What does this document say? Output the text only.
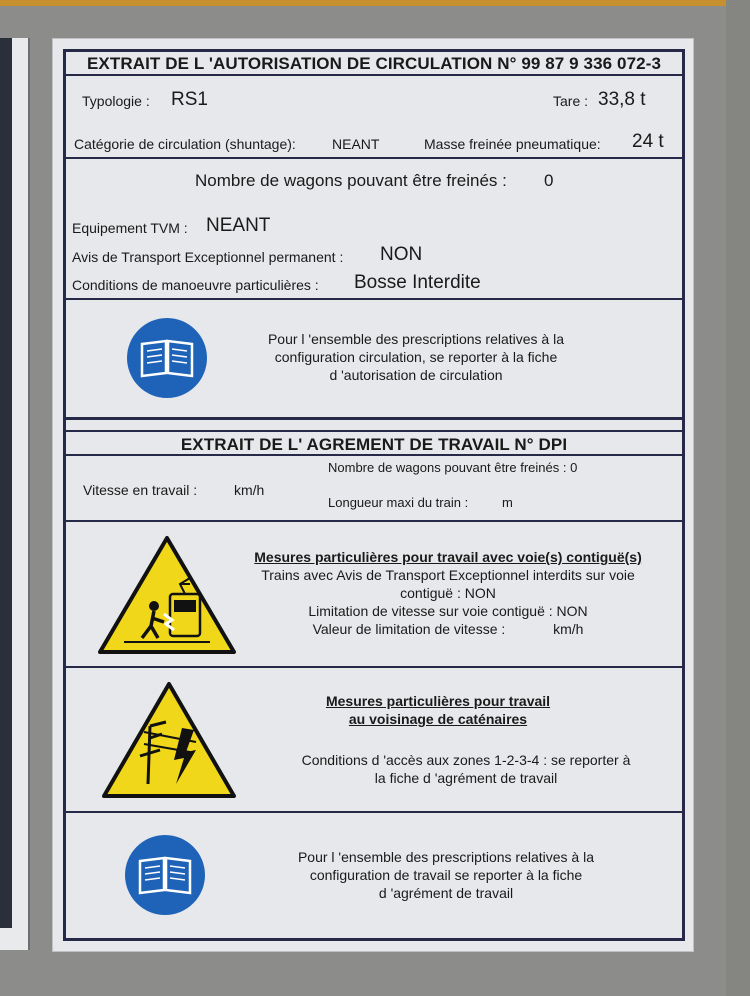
EXTRAIT DE L 'AUTORISATION DE CIRCULATION N° 99 87 9 336 072-3
Typologie : RS1	Tare : 33,8 t
Catégorie de circulation (shuntage):	NEANT	Masse freinée pneumatique: 24 t
Nombre de wagons pouvant être freinés : 0
Equipement TVM : NEANT
Avis de Transport Exceptionnel permanent : NON
Conditions de manoeuvre particulières : Bosse Interdite
Pour l 'ensemble des prescriptions relatives à la
configuration circulation, se reporter à la fiche
d 'autorisation de circulation
EXTRAIT DE L' AGREMENT DE TRAVAIL N° DPI
Nombre de wagons pouvant être freinés : 0
Vitesse en travail :	km/h
Longueur maxi du train :	m
Mesures particulières pour travail avec voie(s) contiguë(s)
Trains avec Avis de Transport Exceptionnel interdits sur voie
contiguë : NON
Limitation de vitesse sur voie contiguë : NON
Valeur de limitation de vitesse :	km/h
Mesures particulières pour travail
au voisinage de caténaires
Conditions d 'accès aux zones 1-2-3-4 : se reporter à
la fiche d 'agrément de travail
Pour l 'ensemble des prescriptions relatives à la
configuration de travail se reporter à la fiche
d 'agrément de travail
